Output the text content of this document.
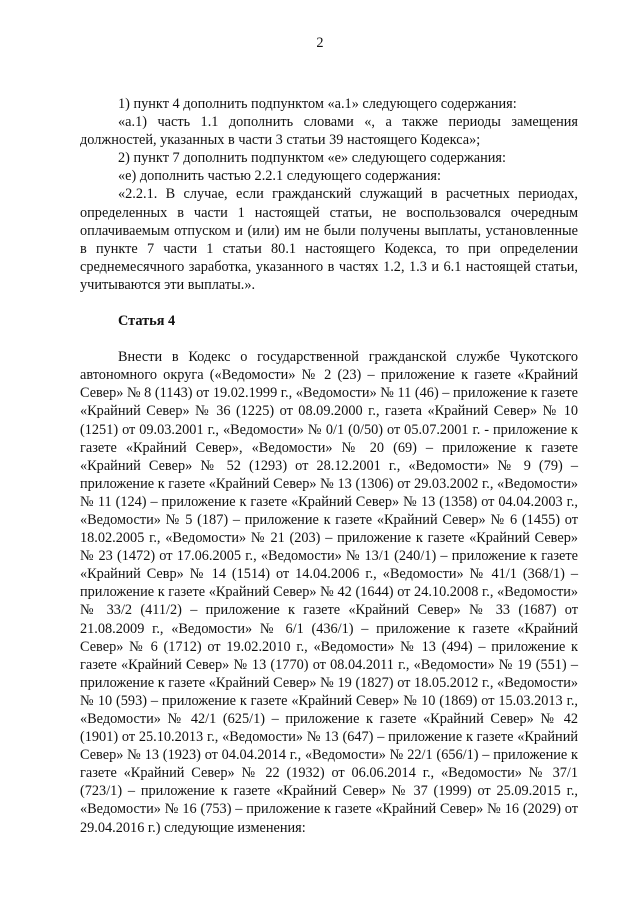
2

1) пункт 4 дополнить подпунктом «а.1» следующего содержания:

«а.1) часть 1.1 дополнить словами «, а также периоды замещения должностей, указанных в части 3 статьи 39 настоящего Кодекса»;

2) пункт 7 дополнить подпунктом «е» следующего содержания:

«е) дополнить частью 2.2.1 следующего содержания:

«2.2.1. В случае, если гражданский служащий в расчетных периодах, определенных в части 1 настоящей статьи, не воспользовался очередным оплачиваемым отпуском и (или) им не были получены выплаты, установленные в пункте 7 части 1 статьи 80.1 настоящего Кодекса, то при определении среднемесячного заработка, указанного в частях 1.2, 1.3 и 6.1 настоящей статьи, учитываются эти выплаты.».

Статья 4

Внести в Кодекс о государственной гражданской службе Чукотского автономного округа («Ведомости» № 2 (23) – приложение к газете «Крайний Север» № 8 (1143) от 19.02.1999 г., «Ведомости» № 11 (46) – приложение к газете «Крайний Север» № 36 (1225) от 08.09.2000 г., газета «Крайний Север» № 10 (1251) от 09.03.2001 г., «Ведомости» № 0/1 (0/50) от 05.07.2001 г. - приложение к газете «Крайний Север», «Ведомости» № 20 (69) – приложение к газете «Крайний Север» № 52 (1293) от 28.12.2001 г., «Ведомости» № 9 (79) – приложение к газете «Крайний Север» № 13 (1306) от 29.03.2002 г., «Ведомости» № 11 (124) – приложение к газете «Крайний Север» № 13 (1358) от 04.04.2003 г., «Ведомости» № 5 (187) – приложение к газете «Крайний Север» № 6 (1455) от 18.02.2005 г., «Ведомости» № 21 (203) – приложение к газете «Крайний Север» № 23 (1472) от 17.06.2005 г., «Ведомости» № 13/1 (240/1) – приложение к газете «Крайний Севр» № 14 (1514) от 14.04.2006 г., «Ведомости» № 41/1 (368/1) – приложение к газете «Крайний Север» № 42 (1644) от 24.10.2008 г., «Ведомости» № 33/2 (411/2) – приложение к газете «Крайний Север» № 33 (1687) от 21.08.2009 г., «Ведомости» № 6/1 (436/1) – приложение к газете «Крайний Север» № 6 (1712) от 19.02.2010 г., «Ведомости» № 13 (494) – приложение к газете «Крайний Север» № 13 (1770) от 08.04.2011 г., «Ведомости» № 19 (551) – приложение к газете «Крайний Север» № 19 (1827) от 18.05.2012 г., «Ведомости» № 10 (593) – приложение к газете «Крайний Север» № 10 (1869) от 15.03.2013 г., «Ведомости» № 42/1 (625/1) – приложение к газете «Крайний Север» № 42 (1901) от 25.10.2013 г., «Ведомости» № 13 (647) – приложение к газете «Крайний Север» № 13 (1923) от 04.04.2014 г., «Ведомости» № 22/1 (656/1) – приложение к газете «Крайний Север» № 22 (1932) от 06.06.2014 г., «Ведомости» № 37/1 (723/1) – приложение к газете «Крайний Север» № 37 (1999) от 25.09.2015 г., «Ведомости» № 16 (753) – приложение к газете «Крайний Север» № 16 (2029) от 29.04.2016 г.) следующие изменения:
